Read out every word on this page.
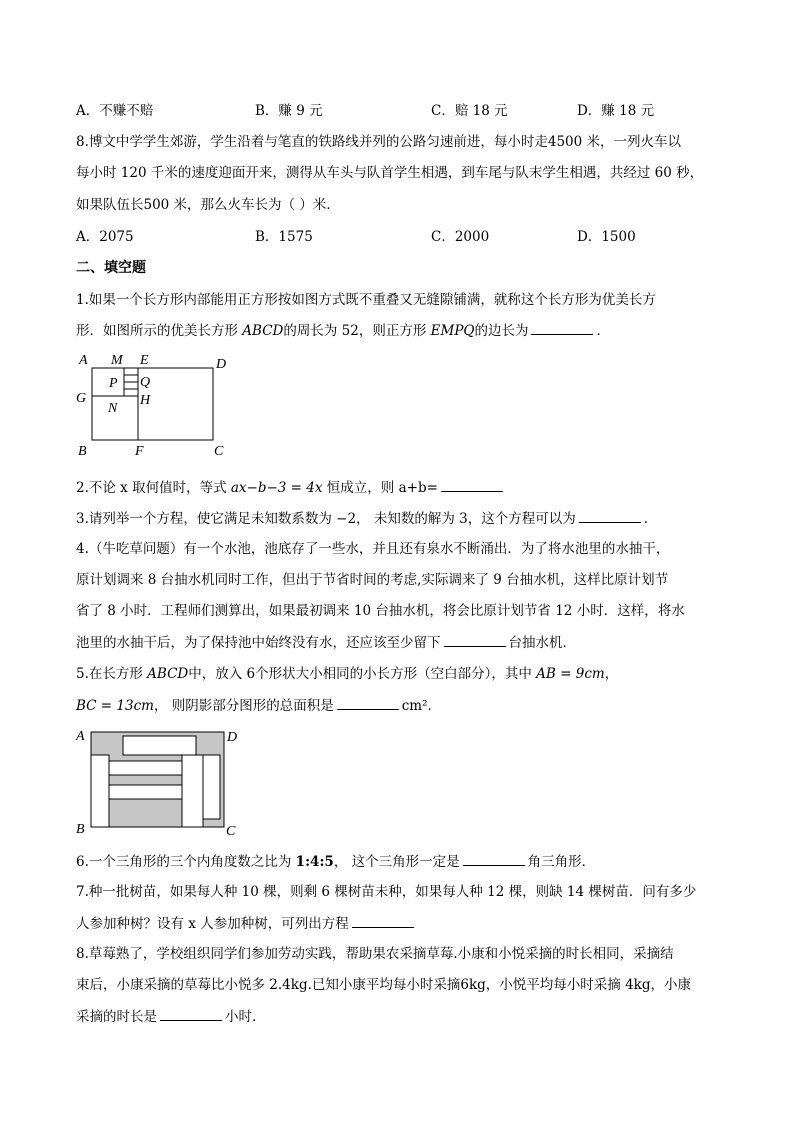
A．不赚不赔	B．赚 9 元	C．赔 18 元	D．赚 18 元
8.博文中学学生郊游，学生沿着与笔直的铁路线并列的公路匀速前进，每小时走4500 米，一列火车以
每小时 120 千米的速度迎面开来，测得从车头与队首学生相遇，到车尾与队末学生相遇，共经过 60 秒，
如果队伍长500 米，那么火车长为（ ）米．
A．2075	B．1575	C．2000	D．1500
二、填空题
1.如果一个长方形内部能用正方形按如图方式既不重叠又无缝隙铺满，就称这个长方形为优美长方
形．如图所示的优美长方形 ABCD的周长为 52，则正方形 EMPQ的边长为	．
A M E	D
P Q
G	H
N
B	F	C
2.不论 x 取何值时，等式 ax−b−3 = 4x 恒成立，则 a+b=
3.请列举一个方程，使它满足未知数系数为 −2， 未知数的解为 3，这个方程可以为	．
4.（牛吃草问题）有一个水池，池底存了一些水，并且还有泉水不断涌出．为了将水池里的水抽干，
原计划调来 8 台抽水机同时工作，但出于节省时间的考虑,实际调来了 9 台抽水机，这样比原计划节
省了 8 小时．工程师们测算出，如果最初调来 10 台抽水机，将会比原计划节省 12 小时．这样，将水
池里的水抽干后，为了保持池中始终没有水，还应该至少留下	台抽水机．
5.在长方形 ABCD中，放入 6个形状大小相同的小长方形（空白部分），其中 AB = 9cm，
BC = 13cm， 则阴影部分图形的总面积是	cm²．
A	D
B	C
6.一个三角形的三个内角度数之比为 1:4:5， 这个三角形一定是	角三角形．
7.种一批树苗，如果每人种 10 棵，则剩 6 棵树苗未种，如果每人种 12 棵，则缺 14 棵树苗．问有多少
人参加种树？设有 x 人参加种树，可列出方程
8.草莓熟了，学校组织同学们参加劳动实践，帮助果农采摘草莓.小康和小悦采摘的时长相同，采摘结
束后，小康采摘的草莓比小悦多 2.4kg.已知小康平均每小时采摘6kg，小悦平均每小时采摘 4kg，小康
采摘的时长是	小时.
